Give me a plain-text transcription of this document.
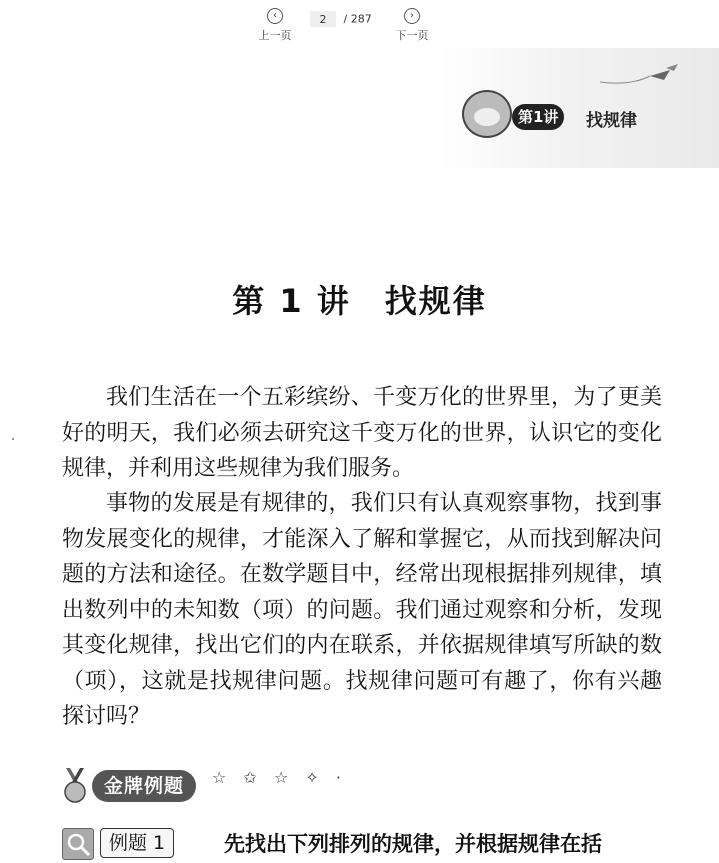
‹
上一页
2 / 287	›
下一页
第1讲	找规律
第 1 讲 找规律
我们生活在一个五彩缤纷、千变万化的世界里，为了更美好的明天，我们必须去研究这千变万化的世界，认识它的变化规律，并利用这些规律为我们服务。
事物的发展是有规律的，我们只有认真观察事物，找到事物发展变化的规律，才能深入了解和掌握它，从而找到解决问题的方法和途径。在数学题目中，经常出现根据排列规律，填出数列中的未知数（项）的问题。我们通过观察和分析，发现其变化规律，找出它们的内在联系，并依据规律填写所缺的数（项），这就是找规律问题。找规律问题可有趣了，你有兴趣探讨吗？
金牌例题	☆ ✩ ☆ ✧ ·
例题 1	先找出下列排列的规律，并根据规律在括
